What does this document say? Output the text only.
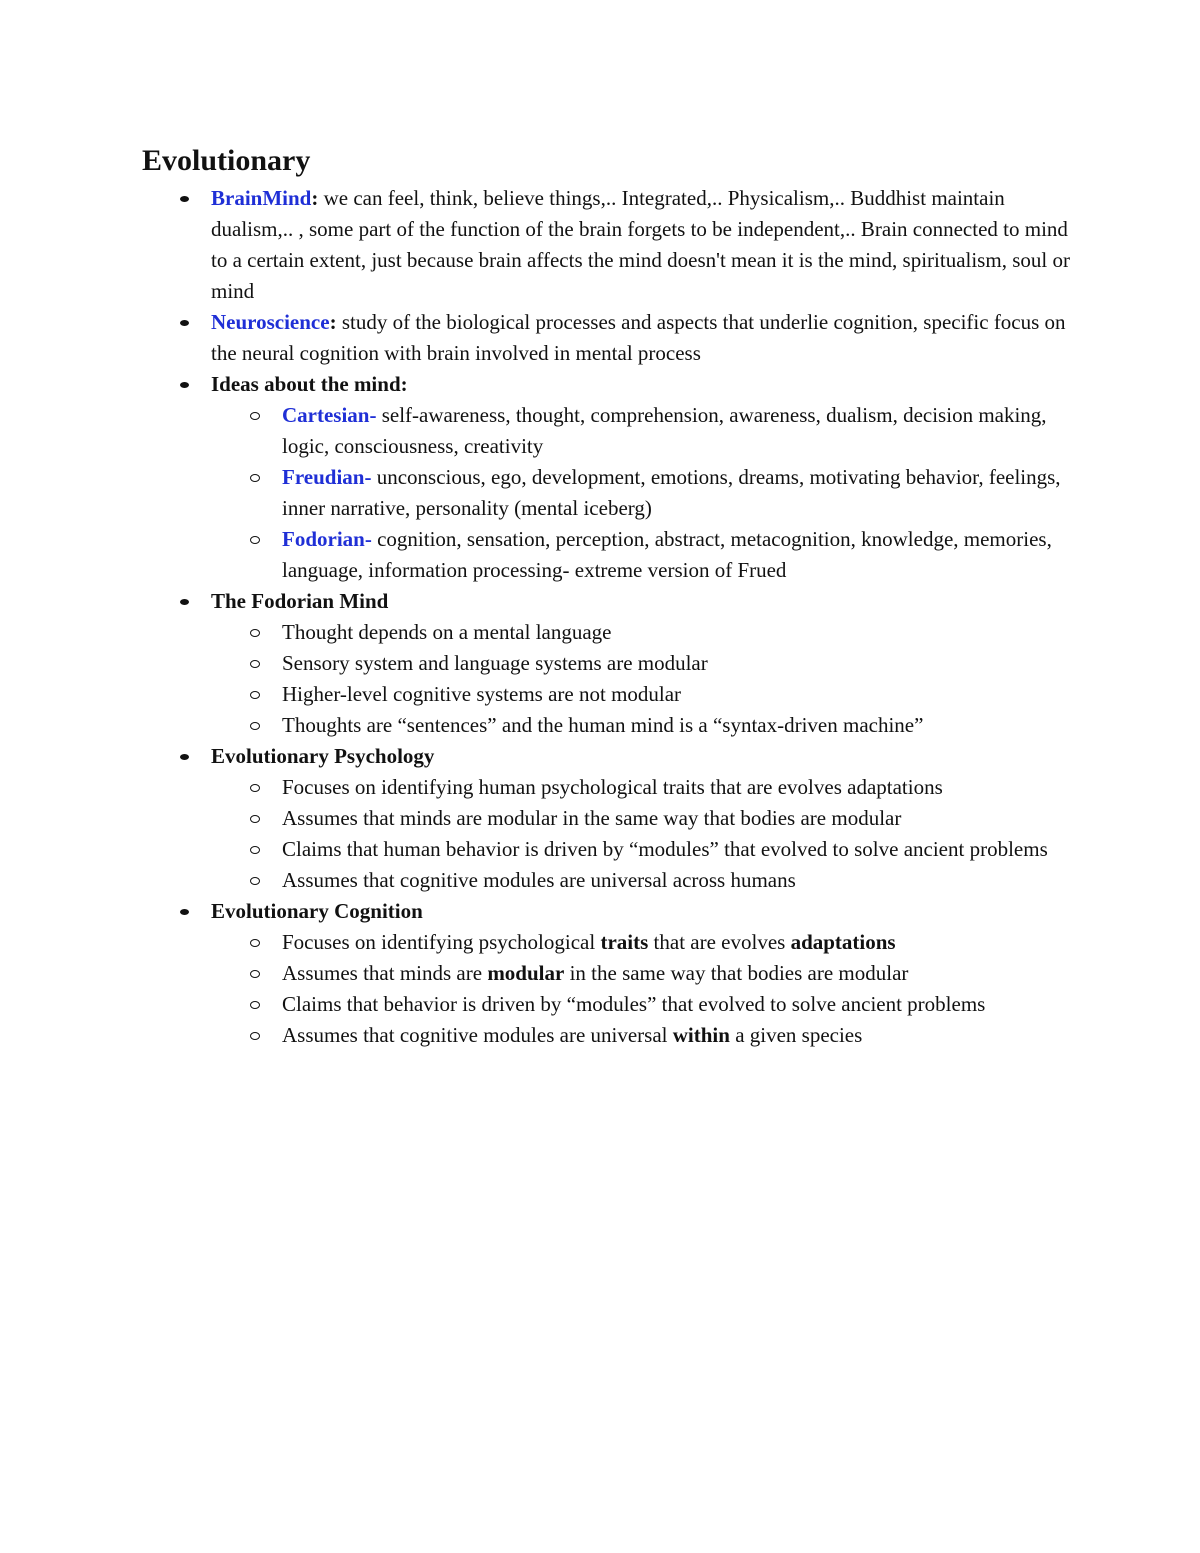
Evolutionary
BrainMind: we can feel, think, believe things,.. Integrated,.. Physicalism,.. Buddhist maintain dualism,.. , some part of the function of the brain forgets to be independent,.. Brain connected to mind to a certain extent, just because brain affects the mind doesn't mean it is the mind, spiritualism, soul or mind
Neuroscience: study of the biological processes and aspects that underlie cognition, specific focus on the neural cognition with brain involved in mental process
Ideas about the mind:
Cartesian- self-awareness, thought, comprehension, awareness, dualism, decision making, logic, consciousness, creativity
Freudian- unconscious, ego, development, emotions, dreams, motivating behavior, feelings, inner narrative, personality (mental iceberg)
Fodorian- cognition, sensation, perception, abstract, metacognition, knowledge, memories, language, information processing- extreme version of Frued
The Fodorian Mind
Thought depends on a mental language
Sensory system and language systems are modular
Higher-level cognitive systems are not modular
Thoughts are “sentences” and the human mind is a “syntax-driven machine”
Evolutionary Psychology
Focuses on identifying human psychological traits that are evolves adaptations
Assumes that minds are modular in the same way that bodies are modular
Claims that human behavior is driven by “modules” that evolved to solve ancient problems
Assumes that cognitive modules are universal across humans
Evolutionary Cognition
Focuses on identifying psychological traits that are evolves adaptations
Assumes that minds are modular in the same way that bodies are modular
Claims that behavior is driven by “modules” that evolved to solve ancient problems
Assumes that cognitive modules are universal within a given species
